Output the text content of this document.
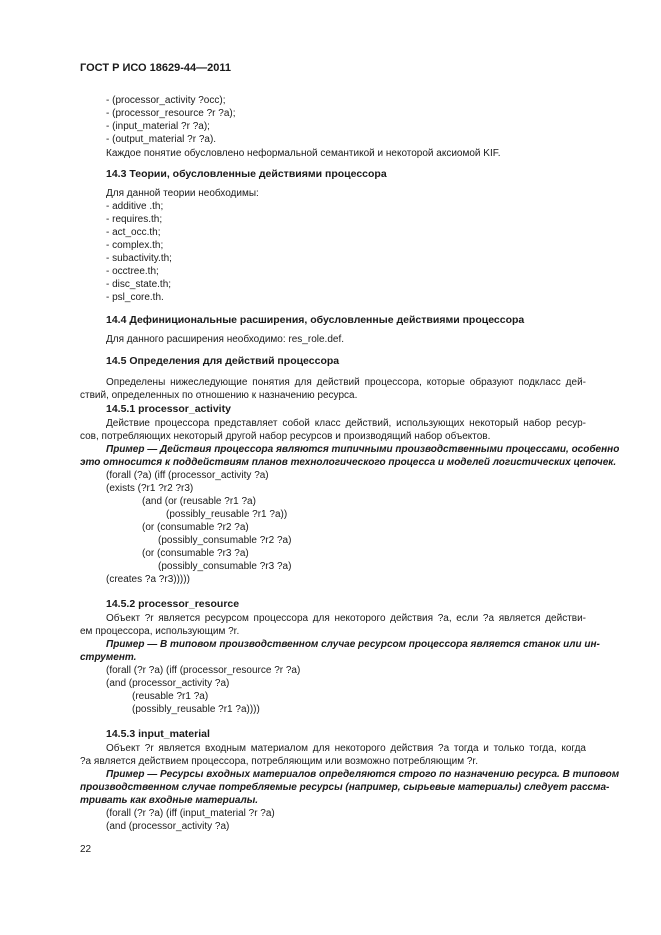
ГОСТ Р ИСО 18629-44—2011
- (processor_activity ?occ);
- (processor_resource ?r ?a);
- (input_material ?r ?a);
- (output_material ?r ?a).
Каждое понятие обусловлено неформальной семантикой и некоторой аксиомой KIF.
14.3 Теории, обусловленные действиями процессора
Для данной теории необходимы:
- additive .th;
- requires.th;
- act_occ.th;
- complex.th;
- subactivity.th;
- occtree.th;
- disc_state.th;
- psl_core.th.
14.4 Дефиниционaльные расширения, обусловленные действиями процессора
Для данного расширения необходимо: res_role.def.
14.5 Определения для действий процессора
Определены нижеследующие понятия для действий процессора, которые образуют подкласс дей-
ствий, определенных по отношению к назначению ресурса.
14.5.1 processor_activity
Действие процессора представляет собой класс действий, использующих некоторый набор ресур-
сов, потребляющих некоторый другой набор ресурсов и производящий набор объектов.
Пример — Действия процессора являются типичными производственными процессами, особенно
это относится к поддействиям планов технологического процесса и моделей логистических цепочек.
(forall (?a) (iff (processor_activity ?a)
(exists (?r1 ?r2 ?r3)
(and (or (reusable ?r1 ?a)
(possibly_reusable ?r1 ?a))
(or (consumable ?r2 ?a)
(possibly_consumable ?r2 ?a)
(or (consumable ?r3 ?a)
(possibly_consumable ?r3 ?a)
(creates ?a ?r3)))))
14.5.2 processor_resource
Объект ?r является ресурсом процессора для некоторого действия ?a, если ?a является действи-
ем процессора, использующим ?r.
Пример — В типовом производственном случае ресурсом процессора является станок или ин-
струмент.
(forall (?r ?a) (iff (processor_resource ?r ?a)
(and (processor_activity ?a)
(reusable ?r1 ?a)
(possibly_reusable ?r1 ?a))))
14.5.3 input_material
Объект ?r является входным материалом для некоторого действия ?a тогда и только тогда, когда
?a является действием процессора, потребляющим или возможно потребляющим ?r.
Пример — Ресурсы входных материалов определяются строго по назначению ресурса. В типовом
производственном случае потребляемые ресурсы (например, сырьевые материалы) следует рассма-
тривать как входные материалы.
(forall (?r ?a) (iff (input_material ?r ?a)
(and (processor_activity ?a)
22
